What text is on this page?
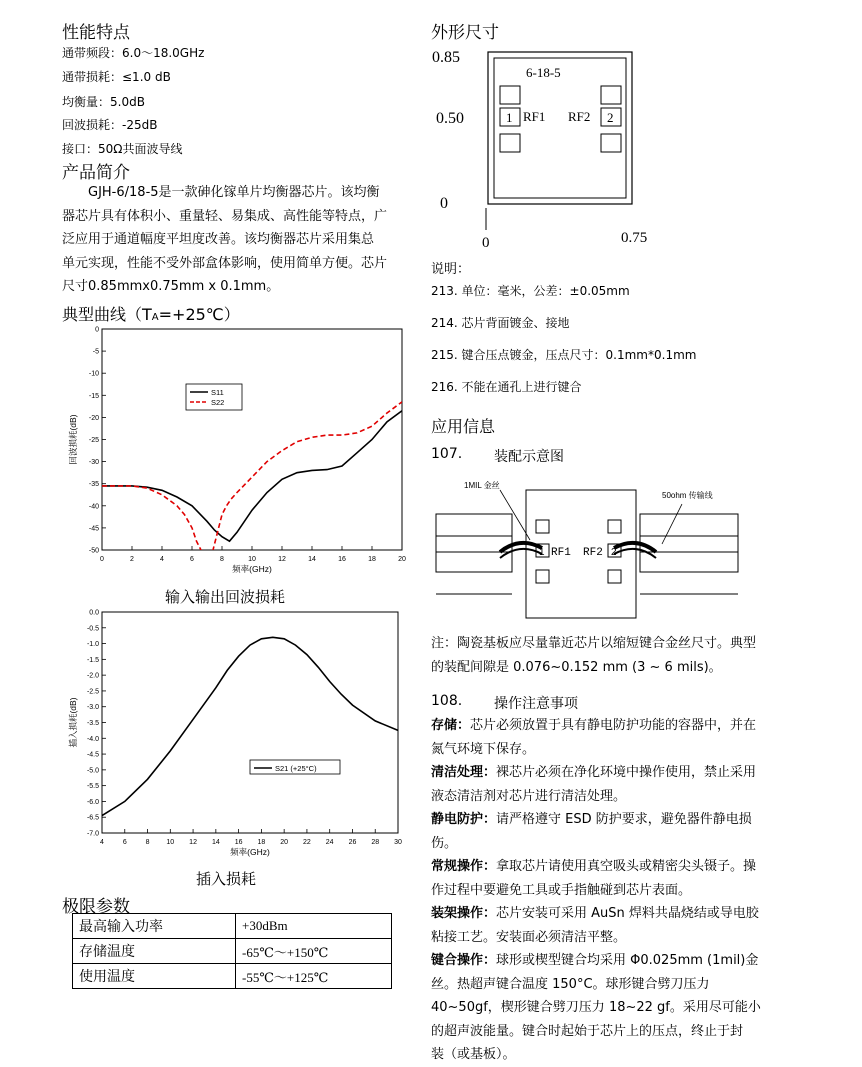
性能特点
通带频段：6.0～18.0GHz
通带损耗：≤1.0 dB
均衡量：5.0dB
回波损耗：-25dB
接口：50Ω共面波导线
产品简介
GJH-6/18-5是一款砷化镓单片均衡器芯片。该均衡
器芯片具有体积小、重量轻、易集成、高性能等特点，广
泛应用于通道幅度平坦度改善。该均衡器芯片采用集总
单元实现，性能不受外部盒体影响，使用简单方便。芯片
尺寸0.85mmx0.75mm x 0.1mm。
典型曲线（TA=+25℃）
0	2	4	6	8	10	12	14	16	18	20
0
-5
-10
-15
-20
-25
-30
-35
-40
-45
-50
频率(GHz)
回波损耗(dB)
S11
S22
输入输出回波损耗
4	6	8 10 12 14 16 18 20 22 24 26 28 30
0.0
-0.5
-1.0
-1.5
-2.0
-2.5
-3.0
-3.5
-4.0
-4.5
-5.0
-5.5
-6.0
-6.5
-7.0
频率(GHz)
插入损耗(dB)
S21 (+25°C)
插入损耗
极限参数
最高输入功率	+30dBm
存储温度	-65℃～+150℃
使用温度	-55℃～+125℃
外形尺寸
0.85
0.50
0
6-18-5
1	2
RF1 RF2
0	0.75
说明：
213. 单位：毫米，公差：±0.05mm
214. 芯片背面镀金、接地
215. 键合压点镀金，压点尺寸：0.1mm*0.1mm
216. 不能在通孔上进行键合
应用信息
107. 装配示意图
1	2
RF1 RF2
1MIL 金丝
50ohm 传输线
注：陶瓷基板应尽量靠近芯片以缩短键合金丝尺寸。典型
的装配间隙是 0.076~0.152 mm (3 ~ 6 mils)。
108. 操作注意事项
存储：芯片必须放置于具有静电防护功能的容器中，并在
氮气环境下保存。
清洁处理：裸芯片必须在净化环境中操作使用，禁止采用
液态清洁剂对芯片进行清洁处理。
静电防护：请严格遵守 ESD 防护要求，避免器件静电损伤。
常规操作：拿取芯片请使用真空吸头或精密尖头镊子。操
作过程中要避免工具或手指触碰到芯片表面。
装架操作：芯片安装可采用 AuSn 焊料共晶烧结或导电胶
粘接工艺。安装面必须清洁平整。
键合操作：球形或楔型键合均采用 Φ0.025mm (1mil)金
丝。热超声键合温度 150°C。球形键合劈刀压力
40~50gf，楔形键合劈刀压力 18~22 gf。采用尽可能小
的超声波能量。键合时起始于芯片上的压点，终止于封
装（或基板）。
